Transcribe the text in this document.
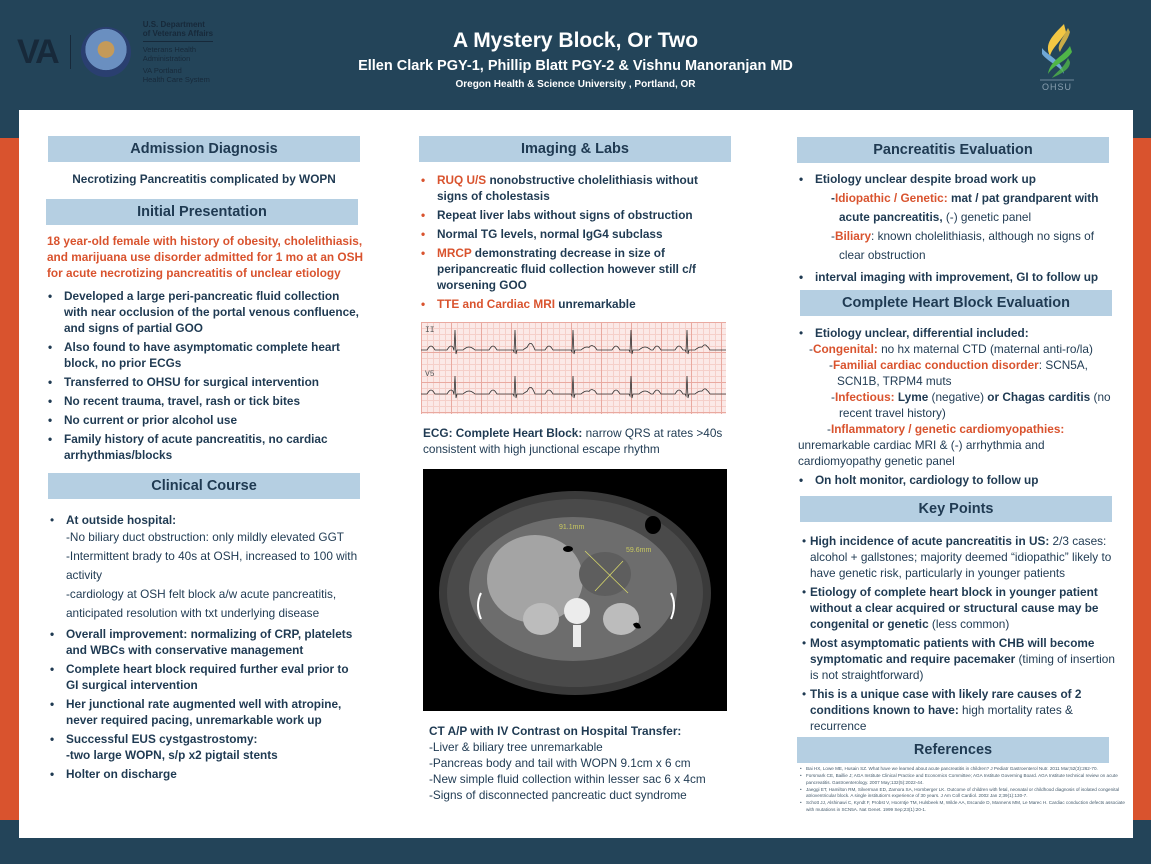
VA
U.S. Department
of Veterans Affairs
Veterans Health
Administration
VA Portland
Health Care System
A Mystery Block, Or Two
Ellen Clark PGY-1, Phillip Blatt PGY-2 & Vishnu Manoranjan MD
Oregon Health & Science University , Portland, OR	OHSU
Admission Diagnosis
Necrotizing Pancreatitis complicated by WOPN
Initial Presentation
18 year-old female with history of obesity, cholelithiasis, and marijuana use disorder admitted for 1 mo at an OSH for acute necrotizing pancreatitis of unclear etiology
• Developed a large peri-pancreatic fluid collection with near occlusion of the portal venous confluence, and signs of partial GOO
• Also found to have asymptomatic complete heart block, no prior ECGs
• Transferred to OHSU for surgical intervention
• No recent trauma, travel, rash or tick bites
• No current or prior alcohol use
• Family history of acute pancreatitis, no cardiac arrhythmias/blocks
Clinical Course
• At outside hospital:
-No biliary duct obstruction: only mildly elevated GGT
-Intermittent brady to 40s at OSH, increased to 100 with activity
-cardiology at OSH felt block a/w acute pancreatitis, anticipated resolution with txt underlying disease
• Overall improvement: normalizing of CRP, platelets and WBCs with conservative management
• Complete heart block required further eval prior to GI surgical intervention
• Her junctional rate augmented well with atropine, never required pacing, unremarkable work up
• Successful EUS cystgastrostomy:
-two large WOPN, s/p x2 pigtail stents
• Holter on discharge
Imaging & Labs
• RUQ U/S nonobstructive cholelithiasis without signs of cholestasis
• Repeat liver labs without signs of obstruction
• Normal TG levels, normal IgG4 subclass
• MRCP demonstrating decrease in size of peripancreatic fluid collection however still c/f worsening GOO
• TTE and Cardiac MRI unremarkable
II
V5
ECG: Complete Heart Block: narrow QRS at rates >40s consistent with high junctional escape rhythm
91.1mm
59.6mm
CT A/P with IV Contrast on Hospital Transfer:
-Liver & biliary tree unremarkable
-Pancreas body and tail with WOPN 9.1cm x 6 cm
-New simple fluid collection within lesser sac 6 x 4cm
-Signs of disconnected pancreatic duct syndrome
Pancreatitis Evaluation
• Etiology unclear despite broad work up
-Idiopathic / Genetic: mat / pat grandparent with acute pancreatitis, (-) genetic panel
-Biliary: known cholelithiasis, although no signs of clear obstruction
• interval imaging with improvement, GI to follow up
Complete Heart Block Evaluation
• Etiology unclear, differential included:
-Congenital: no hx maternal CTD (maternal anti-ro/la)
-Familial cardiac conduction disorder: SCN5A, SCN1B, TRPM4 muts
-Infectious: Lyme (negative) or Chagas carditis (no recent travel history)
-Inflammatory / genetic cardiomyopathies:
unremarkable cardiac MRI & (-) arrhythmia and cardiomyopathy genetic panel
• On holt monitor, cardiology to follow up
Key Points
• High incidence of acute pancreatitis in US: 2/3 cases: alcohol + gallstones; majority deemed “idiopathic” likely to have genetic risk, particularly in younger patients
• Etiology of complete heart block in younger patient without a clear acquired or structural cause may be congenital or genetic (less common)
• Most asymptomatic patients with CHB will become symptomatic and require pacemaker (timing of insertion is not straightforward)
• This is a unique case with likely rare causes of 2 conditions known to have: high mortality rates & recurrence
References
• Bai HX, Lowe ME, Husain SZ. What have we learned about acute pancreatitis in children? J Pediatr Gastroenterol Nutr. 2011 Mar;52(3):262-70.
• Forsmark CE, Baillie J; AGA Institute Clinical Practice and Economics Committee; AGA Institute Governing Board. AGA Institute technical review on acute pancreatitis. Gastroenterology. 2007 May;132(5):2022-44.
• Jaeggi ET, Hamilton RM, Silverman ED, Zamora SA, Hornberger LK. Outcome of children with fetal, neonatal or childhood diagnosis of isolated congenital atrioventricular block. A single institution's experience of 30 years. J Am Coll Cardiol. 2002 Jan 2;39(1):130-7.
• Schott JJ, Alshinawi C, Kyndt F, Probst V, Hoorntje TM, Hulsbeek M, Wilde AA, Escande D, Mannens MM, Le Marec H. Cardiac conduction defects associate with mutations in SCN5A. Nat Genet. 1999 Sep;23(1):20-1.
